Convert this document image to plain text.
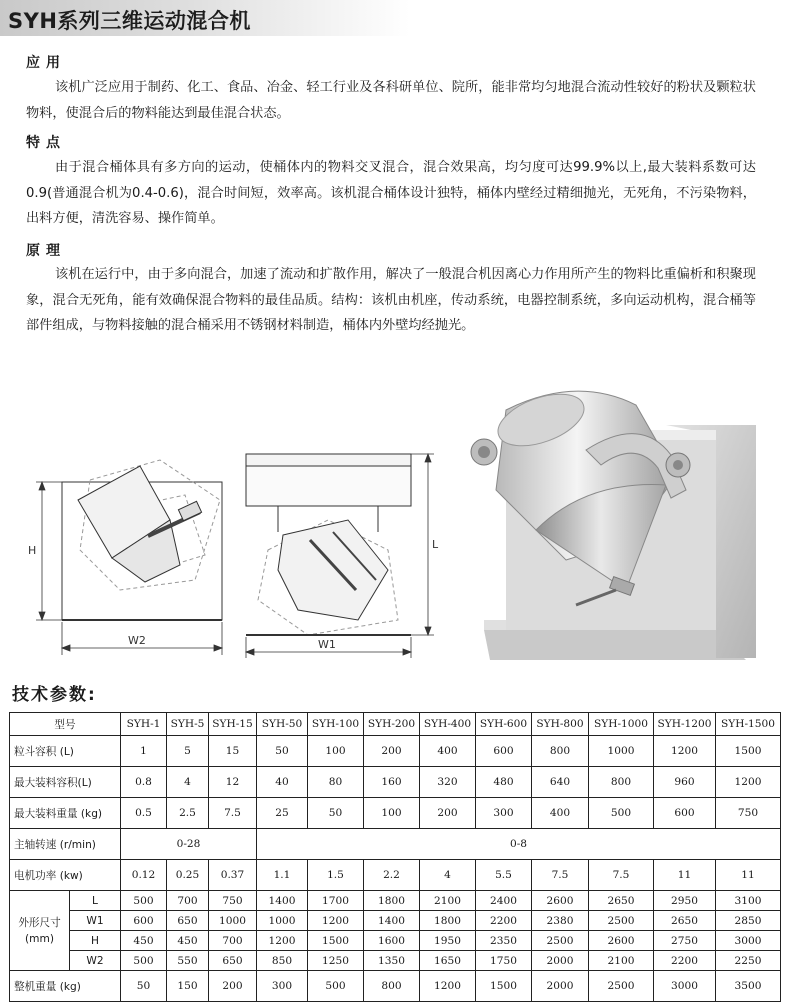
SYH系列三维运动混合机
应用

该机广泛应用于制药、化工、食品、冶金、轻工行业及各科研单位、院所，能非常均匀地混合流动性较好的粉状及颗粒状物料，使混合后的物料能达到最佳混合状态。

特点

由于混合桶体具有多方向的运动，使桶体内的物料交叉混合，混合效果高，均匀度可达99.9%以上,最大装料系数可达0.9(普通混合机为0.4-0.6)，混合时间短，效率高。该机混合桶体设计独特，桶体内壁经过精细抛光，无死角，不污染物料，出料方便，清洗容易、操作简单。

原理

该机在运行中，由于多向混合，加速了流动和扩散作用，解决了一般混合机因离心力作用所产生的物料比重偏析和积聚现象，混合无死角，能有效确保混合物料的最佳品质。结构：该机由机座，传动系统，电器控制系统，多向运动机构，混合桶等部件组成，与物料接触的混合桶采用不锈钢材料制造，桶体内外壁均经抛光。

H
W2
L
W1
技术参数:
型号		SYH-1	SYH-5	SYH-15	SYH-50	SYH-100	SYH-200	SYH-400	SYH-600	SYH-800	SYH-1000	SYH-1200	SYH-1500
粒斗容积 (L)		1	5	15	50	100	200	400	600	800	1000	1200	1500
最大装料容积(L)		0.8	4	12	40	80	160	320	480	640	800	960	1200
最大装料重量 (kg)		0.5	2.5	7.5	25	50	100	200	300	400	500	600	750
主轴转速 (r/min)		0-28			0-8								
电机功率 (kw)		0.12	0.25	0.37	1.1	1.5	2.2	4	5.5	7.5	7.5	11	11
外形尺寸(mm)	L	500	700	750	1400	1700	1800	2100	2400	2600	2650	2950	3100
	W1	600	650	1000	1000	1200	1400	1800	2200	2380	2500	2650	2850
	H	450	450	700	1200	1500	1600	1950	2350	2500	2600	2750	3000
	W2	500	550	650	850	1250	1350	1650	1750	2000	2100	2200	2250
整机重量 (kg)		50	150	200	300	500	800	1200	1500	2000	2500	3000	3500
